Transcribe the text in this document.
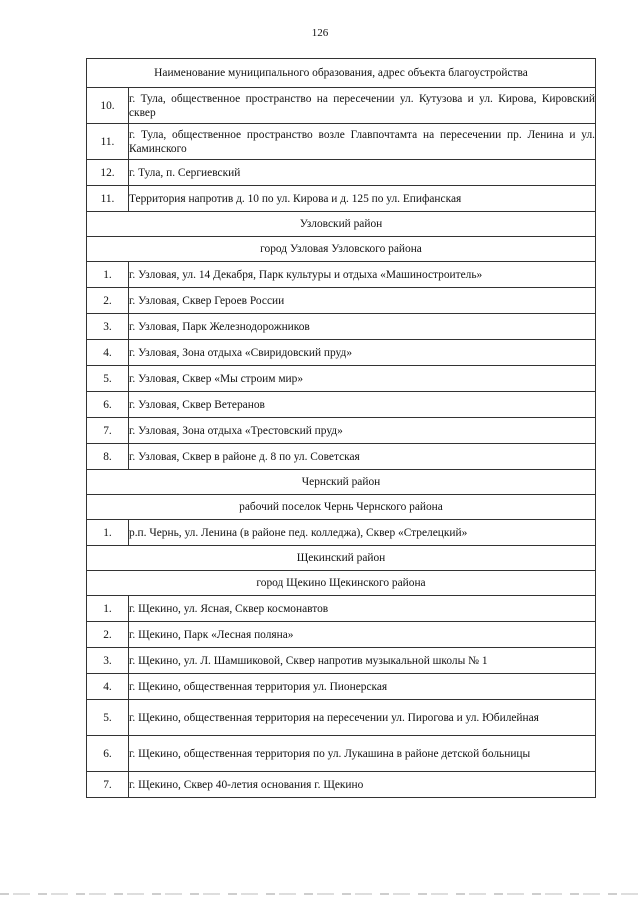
126
Наименование муниципального образования, адрес объекта благоустройства	
10.	г. Тула, общественное пространство на пересечении ул. Кутузова и ул. Кирова, Кировский сквер
11.	г. Тула, общественное пространство возле Главпочтамта на пересечении пр. Ленина и ул. Каминского
12.	г. Тула, п. Сергиевский
11.	Территория напротив д. 10 по ул. Кирова и д. 125 по ул. Епифанская
Узловский район	
город Узловая Узловского района	
1.	г. Узловая, ул. 14 Декабря, Парк культуры и отдыха «Машиностроитель»
2.	г. Узловая, Сквер Героев России
3.	г. Узловая, Парк Железнодорожников
4.	г. Узловая, Зона отдыха «Свиридовский пруд»
5.	г. Узловая, Сквер «Мы строим мир»
6.	г. Узловая, Сквер Ветеранов
7.	г. Узловая, Зона отдыха «Трестовский пруд»
8.	г. Узловая, Сквер в районе д. 8 по ул. Советская
Чернский район	
рабочий поселок Чернь Чернского района	
1.	р.п. Чернь, ул. Ленина (в районе пед. колледжа), Сквер «Стрелецкий»
Щекинский район	
город Щекино Щекинского района	
1.	г. Щекино, ул. Ясная, Сквер космонавтов
2.	г. Щекино, Парк «Лесная поляна»
3.	г. Щекино, ул. Л. Шамшиковой, Сквер напротив музыкальной школы № 1
4.	г. Щекино, общественная территория ул. Пионерская
5.	г. Щекино, общественная территория на пересечении ул. Пирогова и ул. Юбилейная
6.	г. Щекино, общественная территория по ул. Лукашина в районе детской больницы
7.	г. Щекино, Сквер 40-летия основания г. Щекино
